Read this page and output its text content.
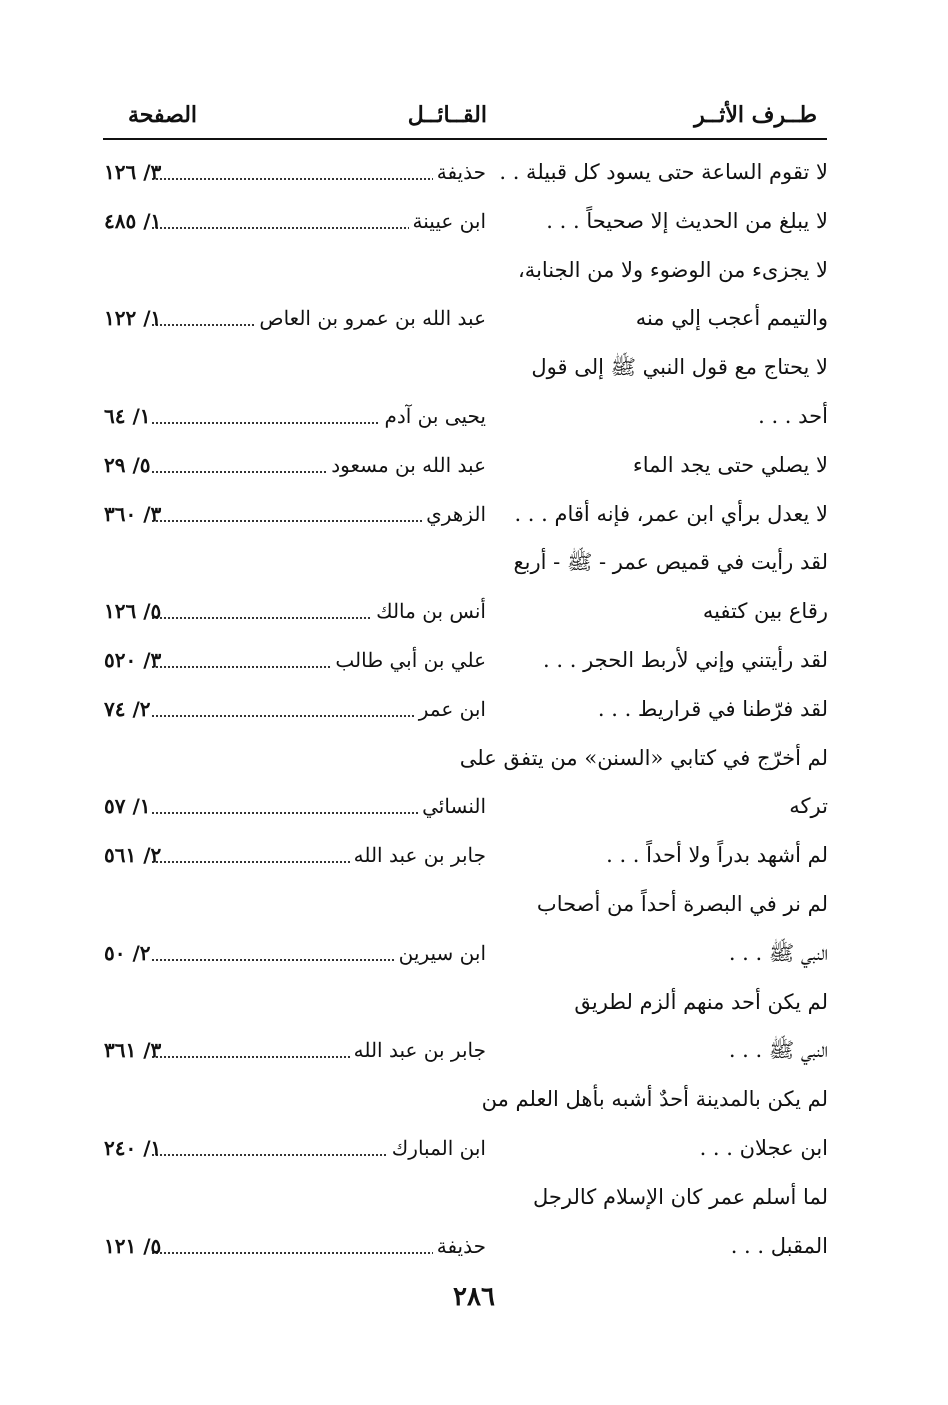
طــرف الأثــر
القــائــل
الصفحة
لا تقوم الساعة حتى يسود كل قبيلة . .
حذيفة
٣/ ١٢٦
لا يبلغ من الحديث إلا صحيحاً . . .
ابن عيينة
١/ ٤٨٥
لا يجزىء من الوضوء ولا من الجنابة،
والتيمم أعجب إلي منه
عبد الله بن عمرو بن العاص
١/ ١٢٢
لا يحتاج مع قول النبي ﷺ إلى قول
أحد . . .
يحيى بن آدم
١/ ٦٤
لا يصلي حتى يجد الماء
عبد الله بن مسعود
٥/ ٢٩
لا يعدل برأي ابن عمر، فإنه أقام . . .
الزهري
٣/ ٣٦٠
لقد رأيت في قميص عمر - ﷺ - أربع
رقاع بين كتفيه
أنس بن مالك
٥/ ١٢٦
لقد رأيتني وإني لأربط الحجر . . .
علي بن أبي طالب
٣/ ٥٢٠
لقد فرّطنا في قراريط . . .
ابن عمر
٢/ ٧٤
لم أخرّج في كتابي «السنن» من يتفق على
تركه
النسائي
١/ ٥٧
لم أشهد بدراً ولا أحداً . . .
جابر بن عبد الله
٢/ ٥٦١
لم نر في البصرة أحداً من أصحاب
النبي ﷺ . . .
ابن سيرين
٢/ ٥٠
لم يكن أحد منهم ألزم لطريق
النبي ﷺ . . .
جابر بن عبد الله
٣/ ٣٦١
لم يكن بالمدينة أحدٌ أشبه بأهل العلم من
ابن عجلان . . .
ابن المبارك
١/ ٢٤٠
لما أسلم عمر كان الإسلام كالرجل
المقبل . . .
حذيفة
٥/ ١٢١
٢٨٦
